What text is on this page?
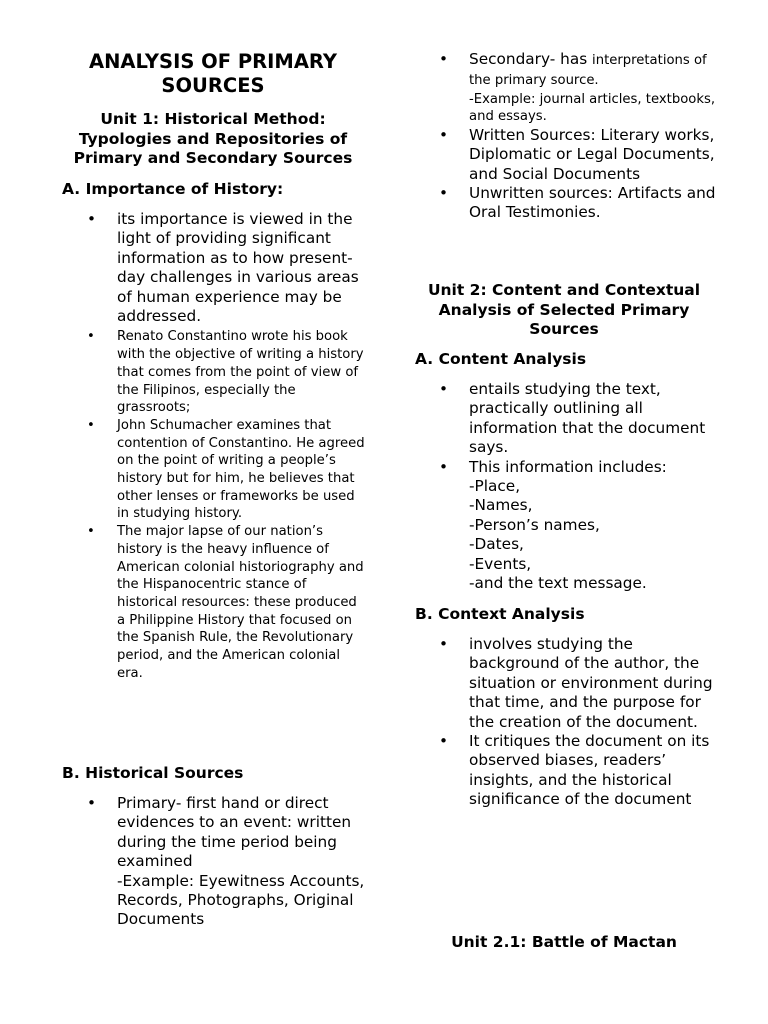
ANALYSIS OF PRIMARY SOURCES
Unit 1: Historical Method: Typologies and Repositories of Primary and Secondary Sources
A. Importance of History:
• its importance is viewed in the light of providing significant information as to how present-day challenges in various areas of human experience may be addressed.
• Renato Constantino wrote his book with the objective of writing a history that comes from the point of view of the Filipinos, especially the grassroots;
• John Schumacher examines that contention of Constantino. He agreed on the point of writing a people’s history but for him, he believes that other lenses or frameworks be used in studying history.
• The major lapse of our nation’s history is the heavy influence of American colonial historiography and the Hispanocentric stance of historical resources: these produced a Philippine History that focused on the Spanish Rule, the Revolutionary period, and the American colonial era.
B. Historical Sources
• Primary- first hand or direct evidences to an event: written during the time period being examined
-Example: Eyewitness Accounts,
Records, Photographs, Original Documents
• Secondary- has interpretations of the primary source.
-Example: journal articles, textbooks, and essays.
• Written Sources: Literary works, Diplomatic or Legal Documents, and Social Documents
• Unwritten sources: Artifacts and Oral Testimonies.
Unit 2: Content and Contextual Analysis of Selected Primary Sources
A. Content Analysis
• entails studying the text, practically outlining all information that the document says.
• This information includes:
-Place,
-Names,
-Person’s names,
-Dates,
-Events,
-and the text message.
B. Context Analysis
• involves studying the background of the author, the situation or environment during that time, and the purpose for the creation of the document.
• It critiques the document on its observed biases, readers’ insights, and the historical significance of the document
Unit 2.1: Battle of Mactan
